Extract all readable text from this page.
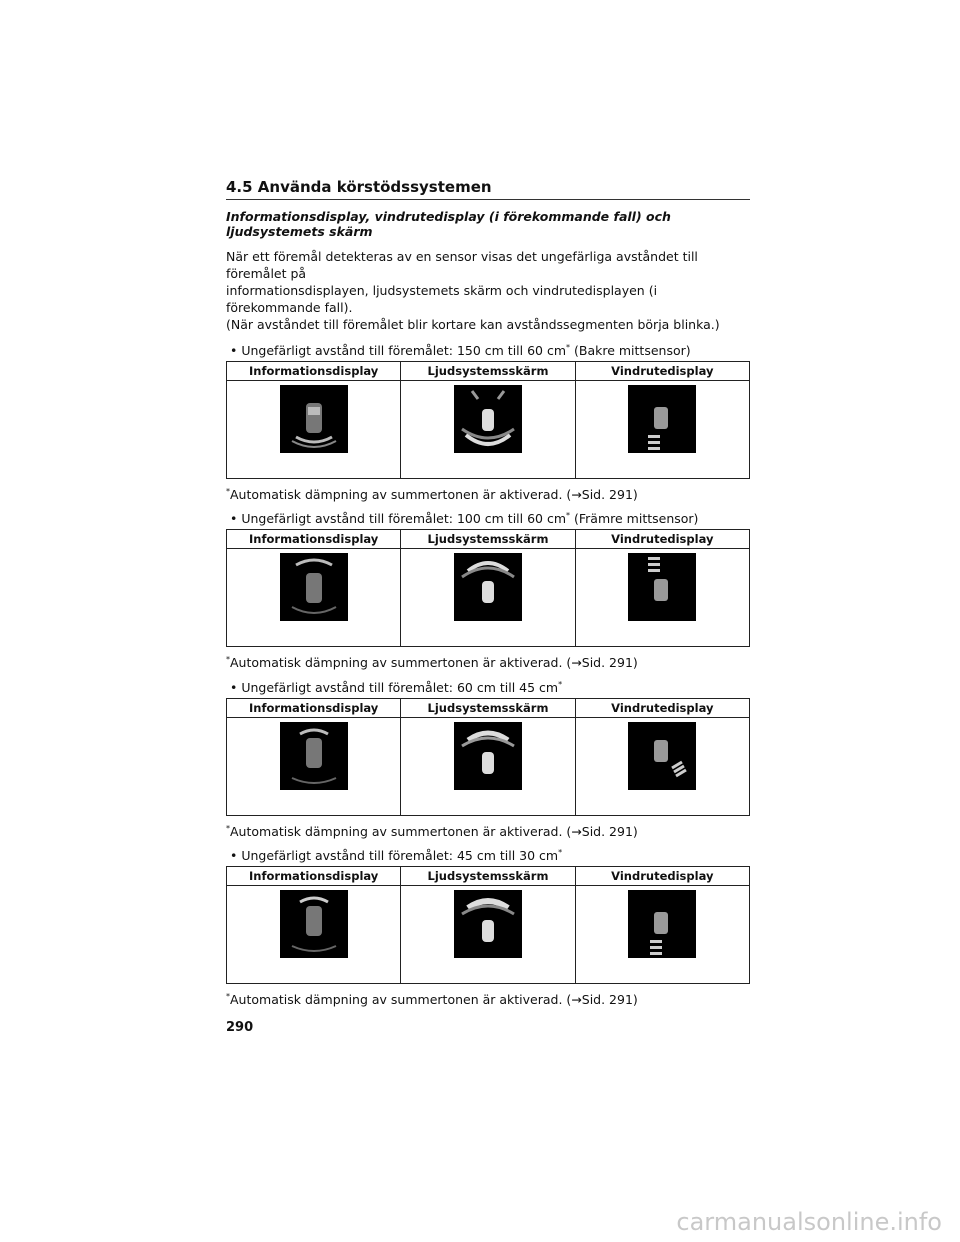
4.5 Använda körstödssystemen
Informationsdisplay, vindrutedisplay (i förekommande fall) och ljudsystemets skärm
När ett föremål detekteras av en sensor visas det ungefärliga avståndet till föremålet på
informationsdisplayen, ljudsystemets skärm och vindrutedisplayen (i förekommande fall).
(När avståndet till föremålet blir kortare kan avståndssegmenten börja blinka.)
• Ungefärligt avstånd till föremålet: 150 cm till 60 cm* (Bakre mittsensor)
Informationsdisplay	Ljudsystemsskärm	Vindrutedisplay

*Automatisk dämpning av summertonen är aktiverad. (→Sid. 291)
• Ungefärligt avstånd till föremålet: 100 cm till 60 cm* (Främre mittsensor)
Informationsdisplay	Ljudsystemsskärm	Vindrutedisplay

*Automatisk dämpning av summertonen är aktiverad. (→Sid. 291)
• Ungefärligt avstånd till föremålet: 60 cm till 45 cm*
Informationsdisplay	Ljudsystemsskärm	Vindrutedisplay

*Automatisk dämpning av summertonen är aktiverad. (→Sid. 291)
• Ungefärligt avstånd till föremålet: 45 cm till 30 cm*
Informationsdisplay	Ljudsystemsskärm	Vindrutedisplay

*Automatisk dämpning av summertonen är aktiverad. (→Sid. 291)
290
carmanualsonline.info
